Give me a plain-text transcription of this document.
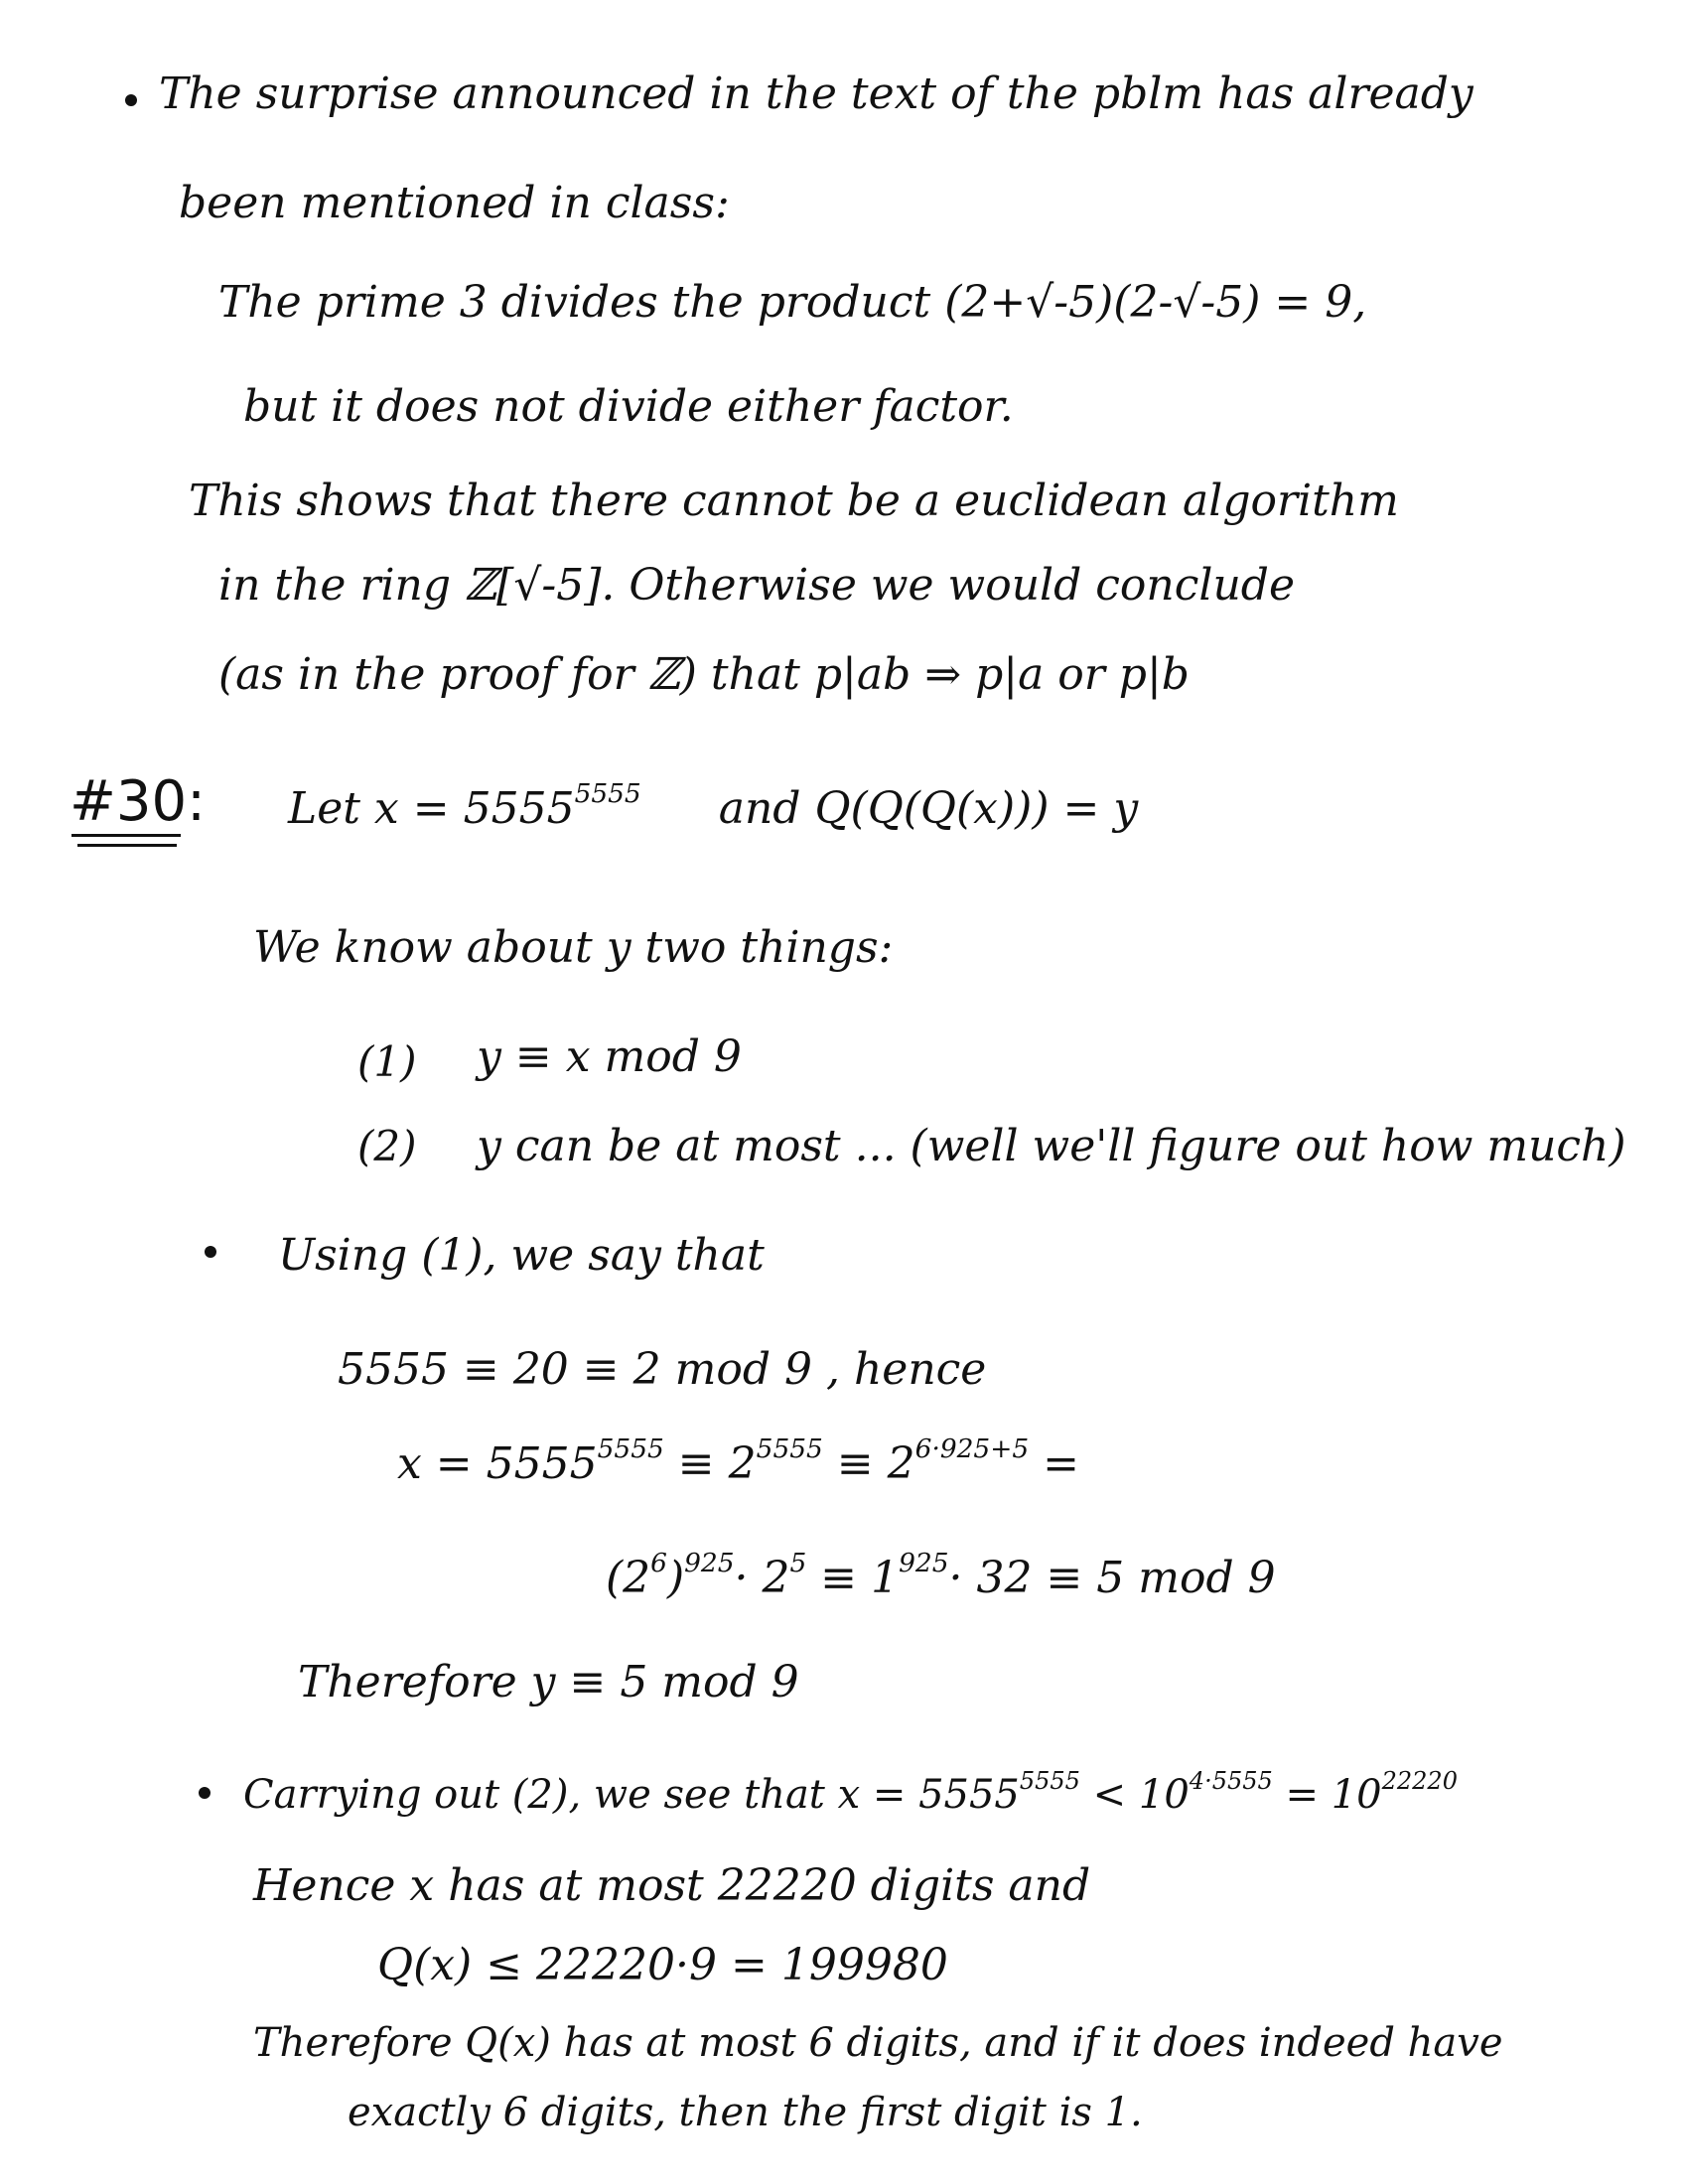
The surprise announced in the text of the pblm has already
been mentioned in class:
The prime 3 divides the product (2+√-5)(2-√-5) = 9,
but it does not divide either factor.
This shows that there cannot be a euclidean algorithm
in the ring ℤ[√-5]. Otherwise we would conclude
(as in the proof for ℤ) that p|ab ⇒ p|a or p|b
#30: Let $x = 5555^{5555}$ and Q(Q(Q(x))) = y
We know about y two things:
(1) y ≡ x mod 9
(2) y can be at most ... (well we'll figure out how much)
Using (1), we say that
5555 ≡ 20 ≡ 2 mod 9 , hence
$x = 5555^{5555} \equiv 2^{5555} \equiv 2^{6\cdot 925+5}$ =
$(2^6)^{925}\cdot 2^5 \equiv 1^{925}\cdot 32 \equiv 5$ mod 9
Therefore y ≡ 5 mod 9
Carrying out (2), we see that $x = 5555^{5555} < 10^{4\cdot 5555} = 10^{22220}$
Hence x has at most 22220 digits and
Q(x) ≤ 22220·9 = 199980
Therefore Q(x) has at most 6 digits, and if it does indeed have
exactly 6 digits, then the first digit is 1.
